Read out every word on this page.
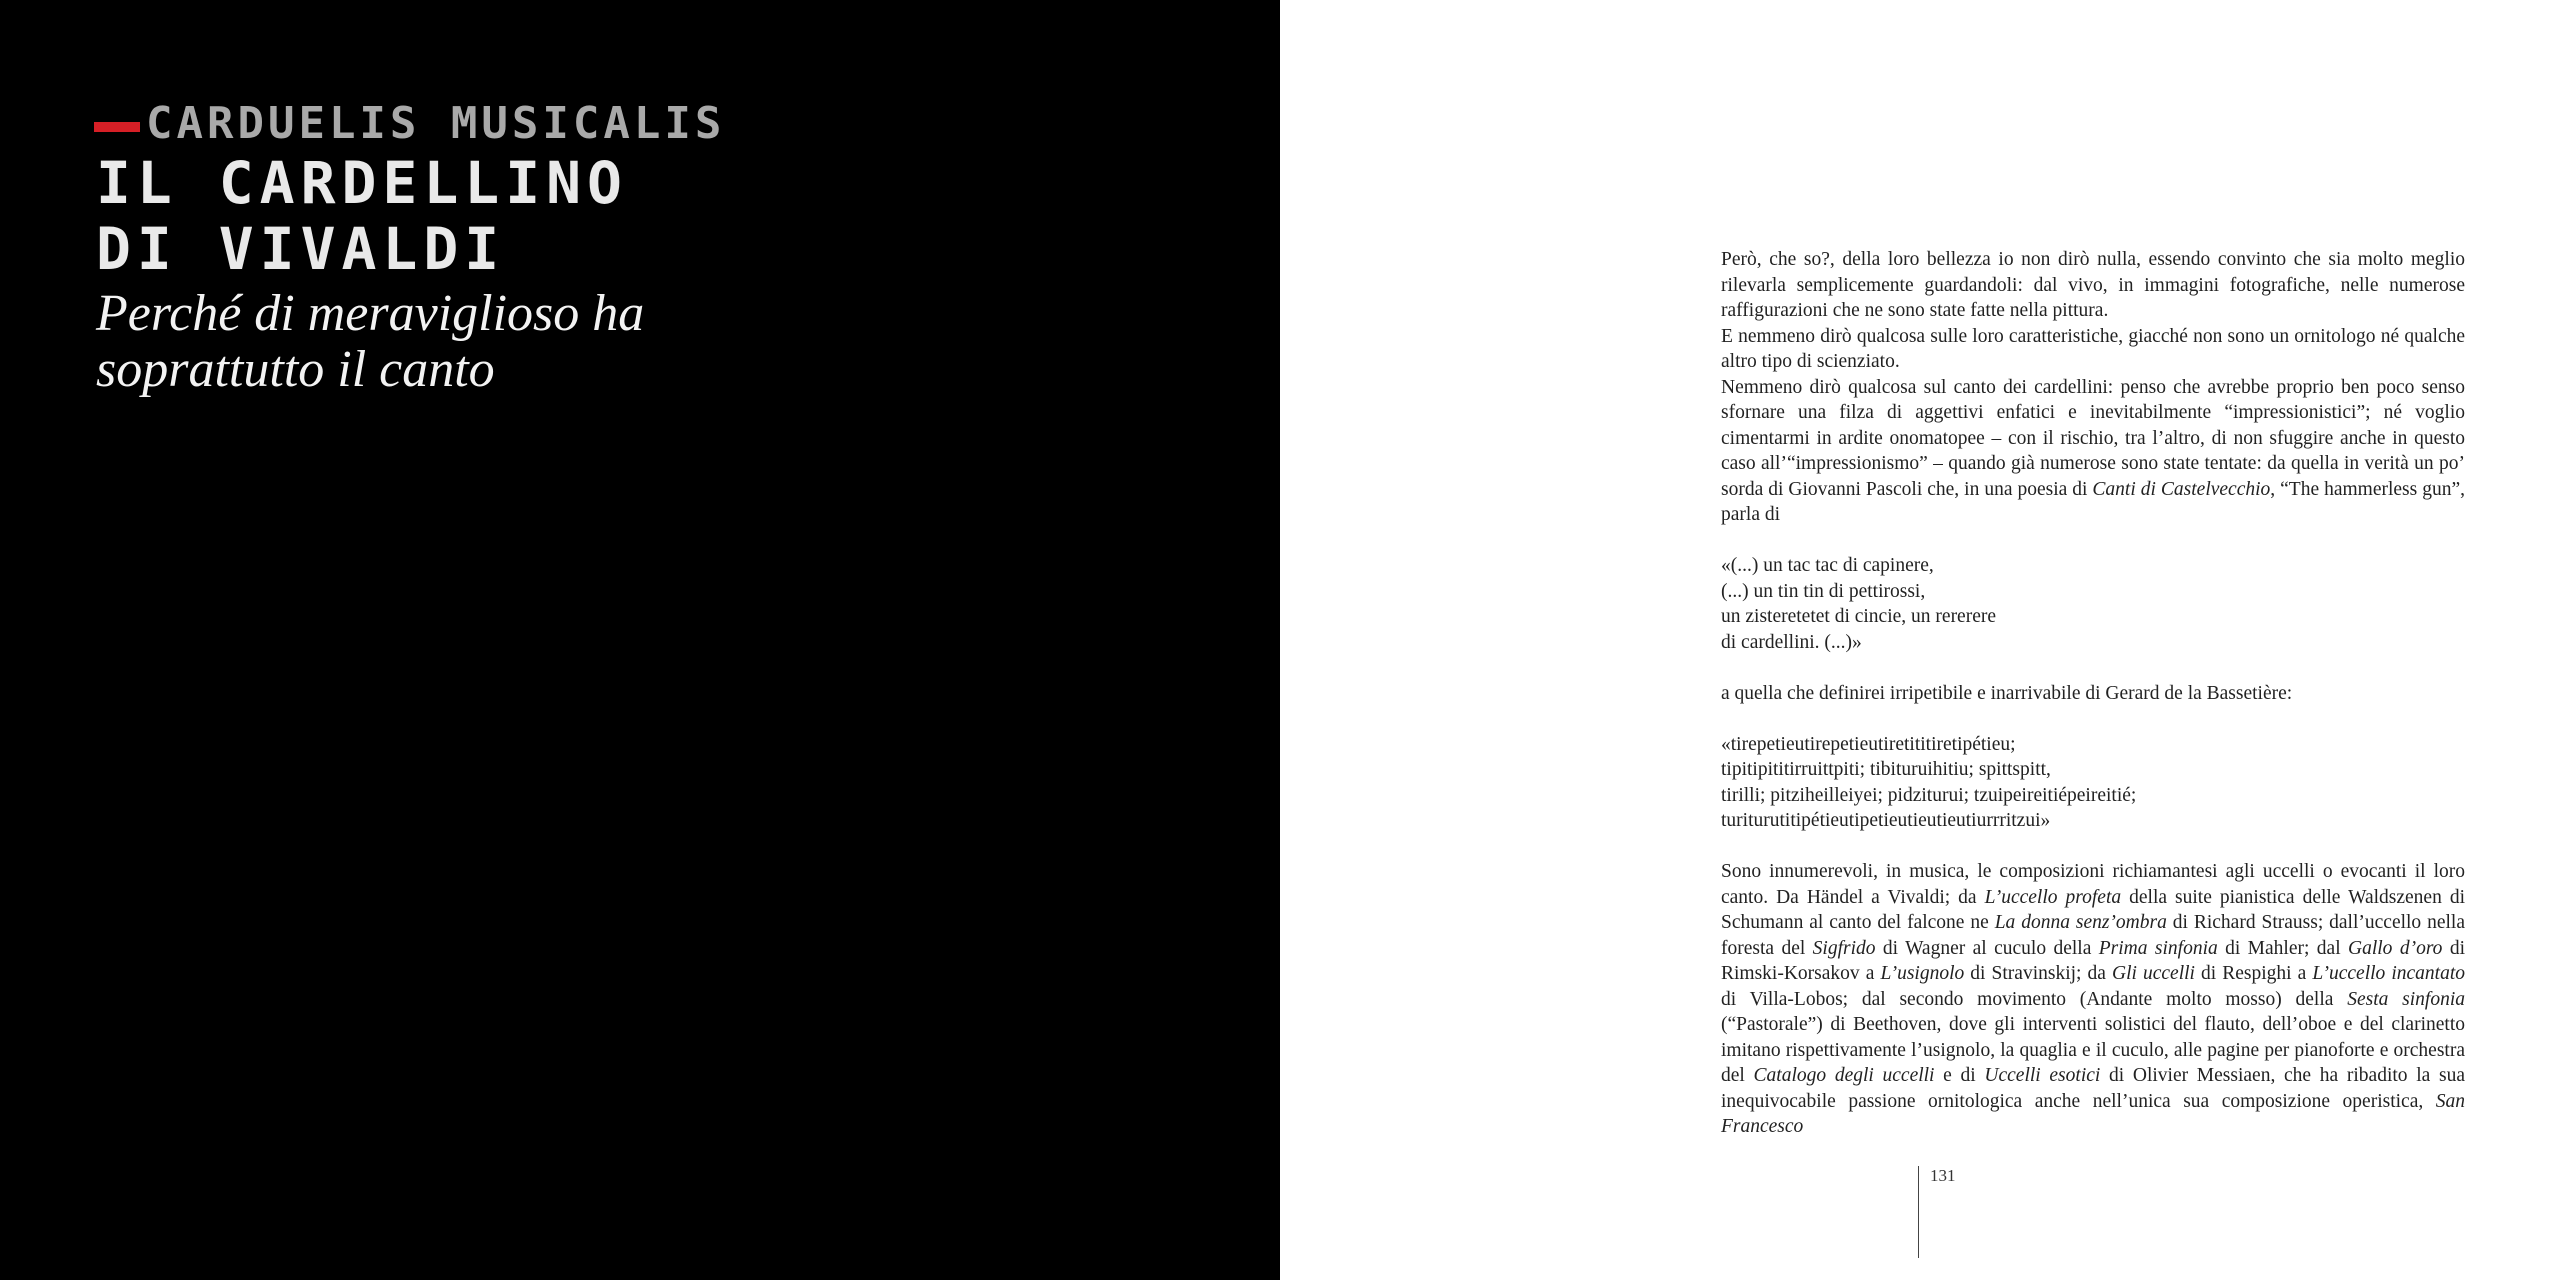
CARDUELIS MUSICALIS
IL CARDELLINO DI VIVALDI
Perché di meraviglioso ha soprattutto il canto

Però, che so?, della loro bellezza io non dirò nulla, essendo convinto che sia molto meglio rilevarla semplicemente guardandoli: dal vivo, in immagini fotografiche, nelle numerose raffigurazioni che ne sono state fatte nella pittura.

E nemmeno dirò qualcosa sulle loro caratteristiche, giacché non sono un ornitologo né qualche altro tipo di scienziato.

Nemmeno dirò qualcosa sul canto dei cardellini: penso che avrebbe proprio ben poco senso sfornare una filza di aggettivi enfatici e inevitabilmente “impressionistici”; né voglio cimentarmi in ardite onomatopee – con il rischio, tra l’altro, di non sfuggire anche in questo caso all’“impressionismo” – quando già numerose sono state tentate: da quella in verità un po’ sorda di Giovanni Pascoli che, in una poesia di Canti di Castelvecchio, “The hammerless gun”, parla di

«(...) un tac tac di capinere,

(...) un tin tin di pettirossi,

un zisteretetet di cincie, un rererere

di cardellini. (...)»

a quella che definirei irripetibile e inarrivabile di Gerard de la Bassetière:

«tirepetieutirepetieutiretititiretipétieu;

tipitipititirruittpiti; tibituruihitiu; spittspitt,

tirilli; pitziheilleiyei; pidziturui; tzuipeireitiépeireitié;

turiturutitipétieutipetieutieutieutiurrritzui»

Sono innumerevoli, in musica, le composizioni richiamantesi agli uccelli o evocanti il loro canto. Da Händel a Vivaldi; da L’uccello profeta della suite pianistica delle Waldszenen di Schumann al canto del falcone ne La donna senz’ombra di Richard Strauss; dall’uccello nella foresta del Sigfrido di Wagner al cuculo della Prima sinfonia di Mahler; dal Gallo d’oro di Rimski-Korsakov a L’usignolo di Stravinskij; da Gli uccelli di Respighi a L’uccello incantato di Villa-Lobos; dal secondo movimento (Andante molto mosso) della Sesta sinfonia (“Pastorale”) di Beethoven, dove gli interventi solistici del flauto, dell’oboe e del clarinetto imitano rispettivamente l’usignolo, la quaglia e il cuculo, alle pagine per pianoforte e orchestra del Catalogo degli uccelli e di Uccelli esotici di Olivier Messiaen, che ha ribadito la sua inequivocabile passione ornitologica anche nell’unica sua composizione operistica, San Francesco

131
